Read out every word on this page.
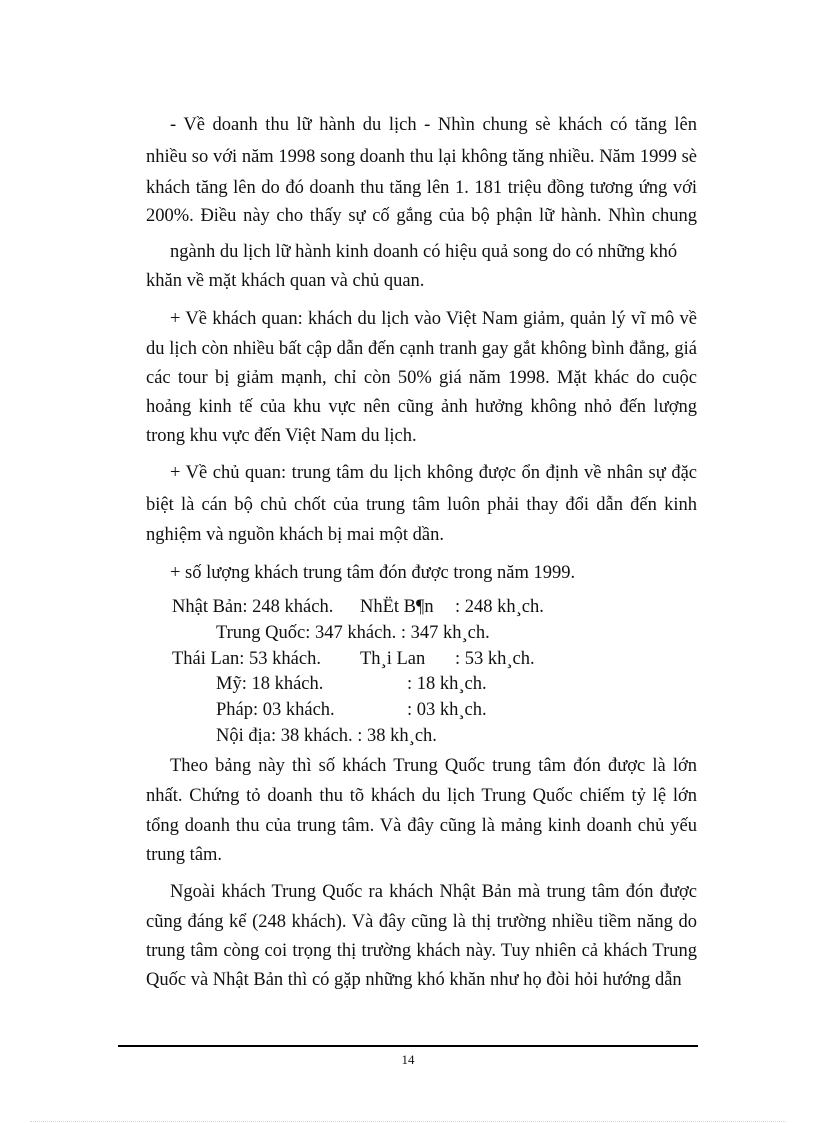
- Về doanh thu lữ hành du lịch - Nhìn chung sè khách có tăng lên
nhiều so với năm 1998 song doanh thu lại không tăng nhiều. Năm 1999 sè
khách tăng lên do đó doanh thu tăng lên 1. 181 triệu đồng tương ứng với
200%. Điều này cho thấy sự cố gắng của bộ phận lữ hành. Nhìn chung
ngành du lịch lữ hành kinh doanh có hiệu quả song do có những khó
khăn về mặt khách quan và chủ quan.
+ Về khách quan: khách du lịch vào Việt Nam giảm, quản lý vĩ mô về
du lịch còn nhiều bất cập dẫn đến cạnh tranh gay gắt không bình đẳng, giá
các tour bị giảm mạnh, chỉ còn 50% giá năm 1998. Mặt khác do cuộc
hoảng kinh tế của khu vực nên cũng ảnh hưởng không nhỏ đến lượng
trong khu vực đến Việt Nam du lịch.
+ Về chủ quan: trung tâm du lịch không được ổn định về nhân sự đặc
biệt là cán bộ chủ chốt của trung tâm luôn phải thay đổi dẫn đến kinh
nghiệm và nguồn khách bị mai một dần.
+ số lượng khách trung tâm đón được trong năm 1999.
Nhật Bản: 248 khách. NhËt B¶n : 248 kh¸ch.
Trung Quốc: 347 khách. : 347 kh¸ch.
Thái Lan: 53 khách. Th¸i Lan : 53 kh¸ch.
Mỹ: 18 khách.	: 18 kh¸ch.
Pháp: 03 khách.	: 03 kh¸ch.
Nội địa: 38 khách. : 38 kh¸ch.
Theo bảng này thì số khách Trung Quốc trung tâm đón được là lớn
nhất. Chứng tỏ doanh thu tõ khách du lịch Trung Quốc chiếm tỷ lệ lớn
tổng doanh thu của trung tâm. Và đây cũng là mảng kinh doanh chủ yếu
trung tâm.
Ngoài khách Trung Quốc ra khách Nhật Bản mà trung tâm đón được
cũng đáng kể (248 khách). Và đây cũng là thị trường nhiều tiềm năng do
trung tâm còng coi trọng thị trường khách này. Tuy nhiên cả khách Trung
Quốc và Nhật Bản thì có gặp những khó khăn như họ đòi hỏi hướng dẫn
14
